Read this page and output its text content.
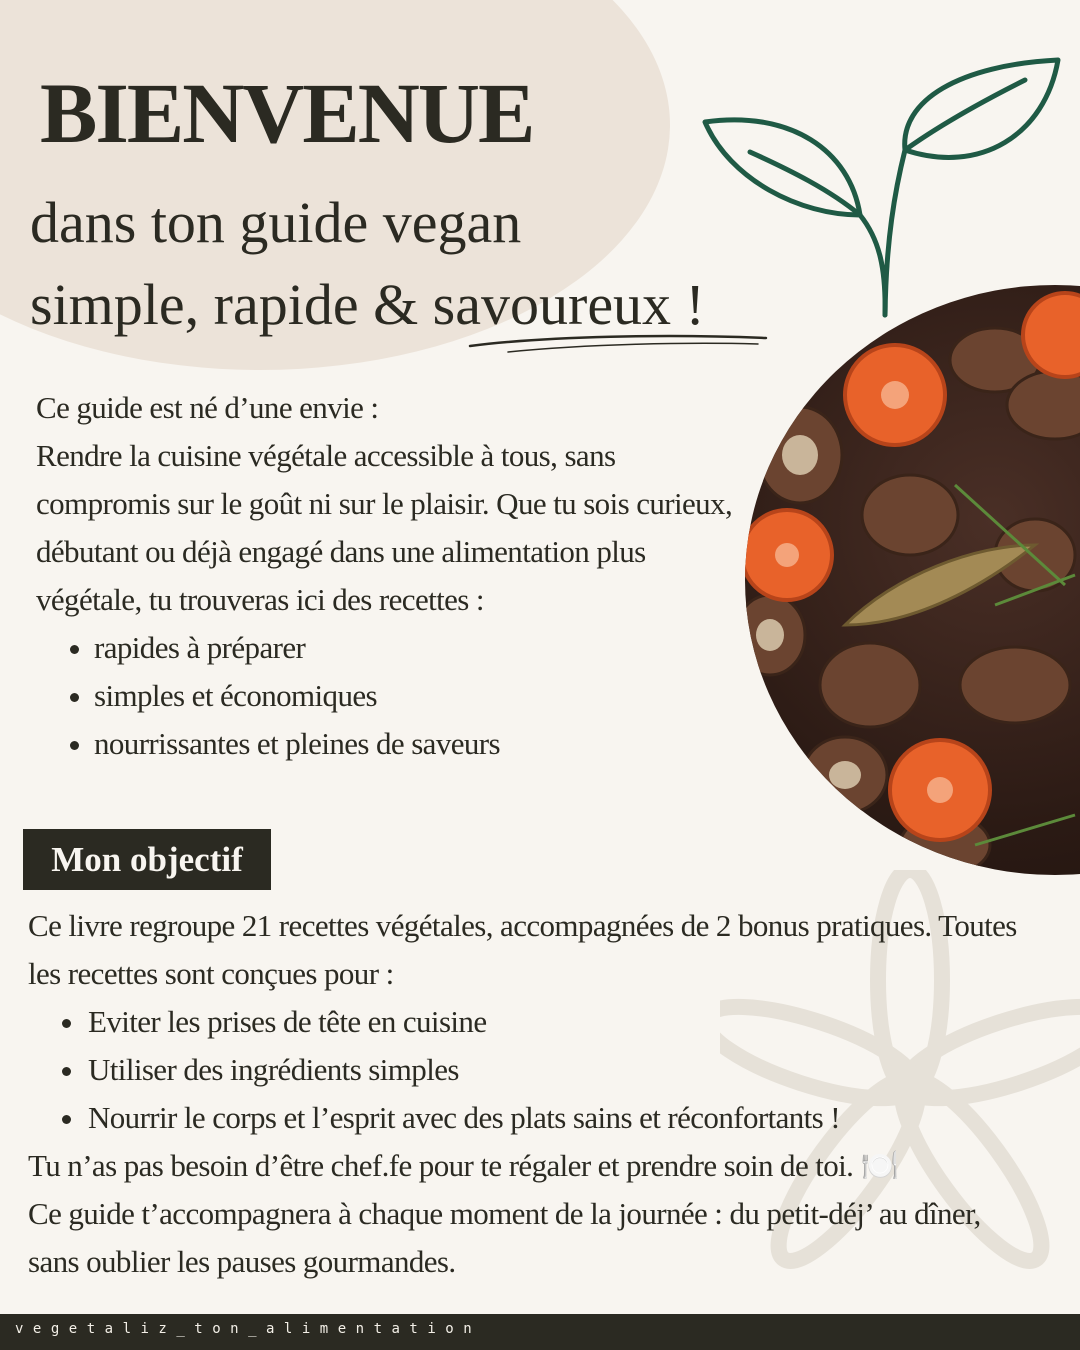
BIENVENUE
dans ton guide vegan
simple, rapide & savoureux !

Ce guide est né d’une envie :

Rendre la cuisine végétale accessible à tous, sans compromis sur le goût ni sur le plaisir. Que tu sois curieux, débutant ou déjà engagé dans une alimentation plus végétale, tu trouveras ici des recettes :

rapides à préparer
simples et économiques
nourrissantes et pleines de saveurs
Mon objectif

Ce livre regroupe 21 recettes végétales, accompagnées de 2 bonus pratiques. Toutes les recettes sont conçues pour :

Eviter les prises de tête en cuisine
Utiliser des ingrédients simples
Nourrir le corps et l’esprit avec des plats sains et réconfortants !

Tu n’as pas besoin d’être chef.fe pour te régaler et prendre soin de toi. 🍽️

Ce guide t’accompagnera à chaque moment de la journée : du petit-déj’ au dîner, sans oublier les pauses gourmandes.

vegetaliz_ton_alimentation
